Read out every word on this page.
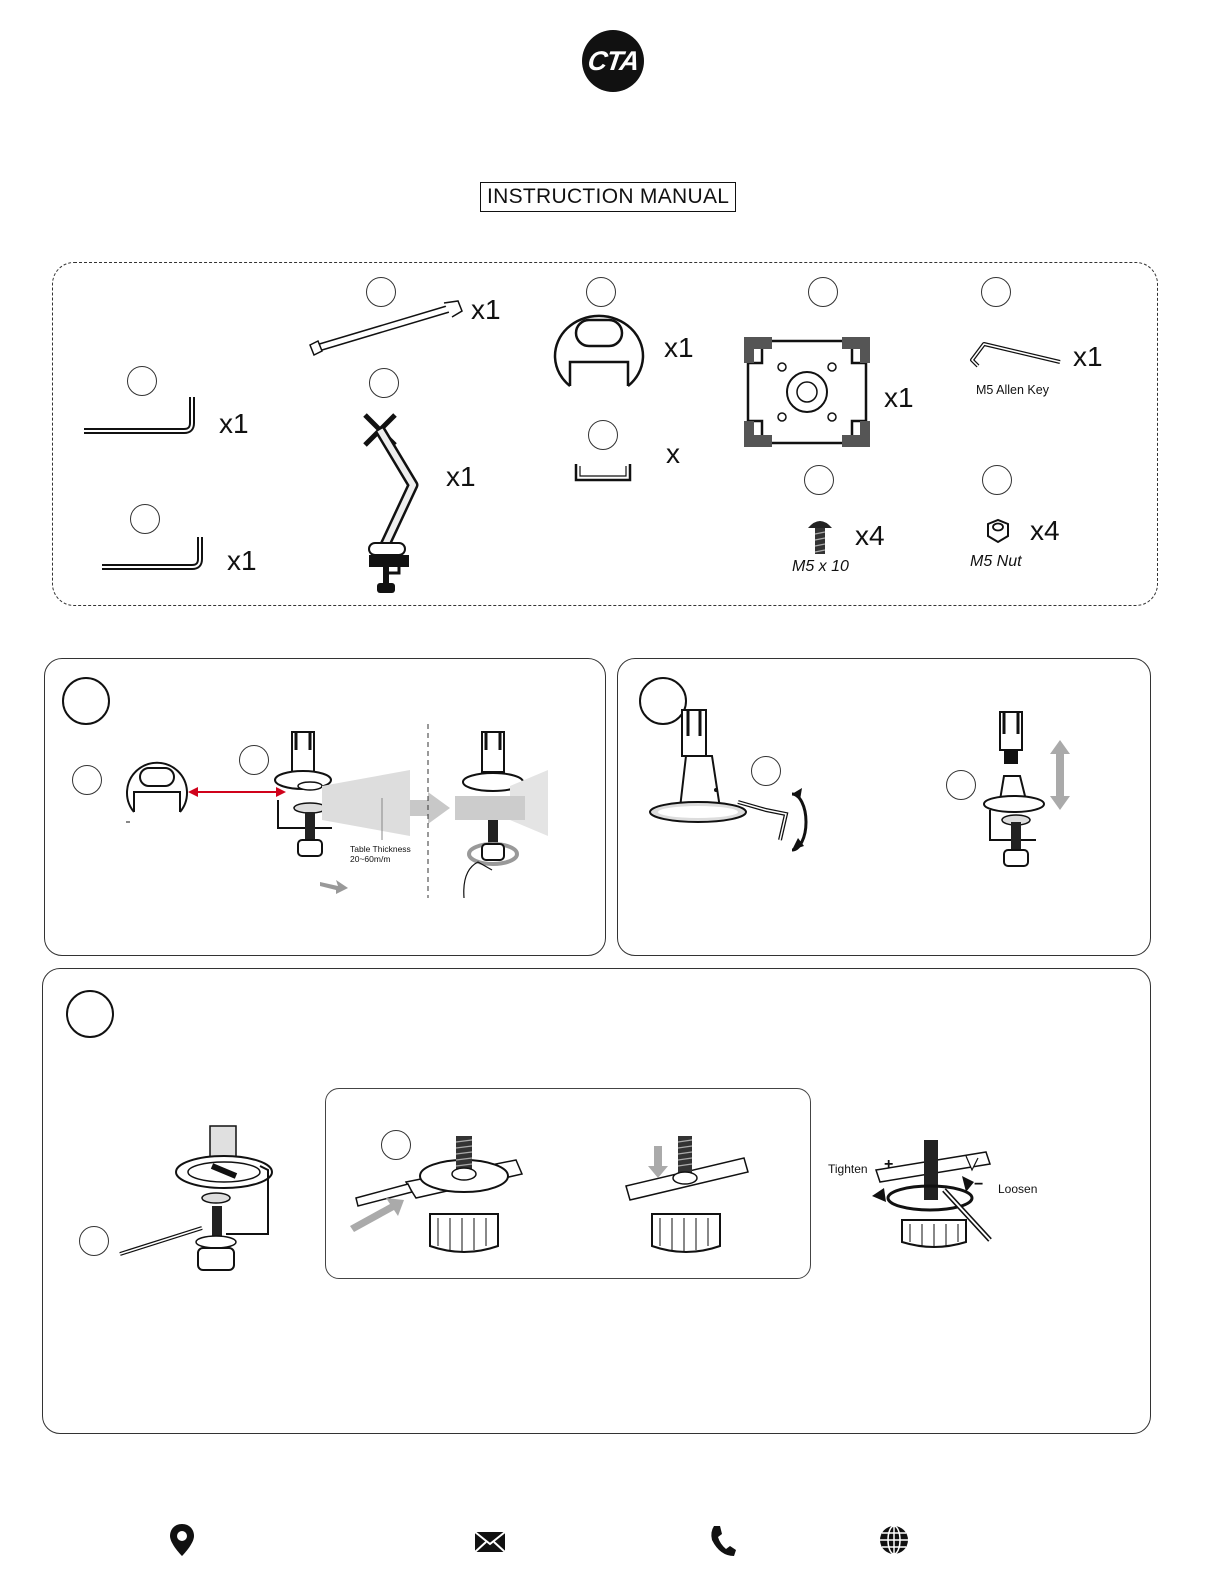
CTA
INSTRUCTION MANUAL
x1
x1
x1
x1
x1
x
x1
x1
M5 Allen Key
x4
M5 x 10
x4
M5 Nut
Table Thickness
20~60m/m
Tighten +
− Loosen
